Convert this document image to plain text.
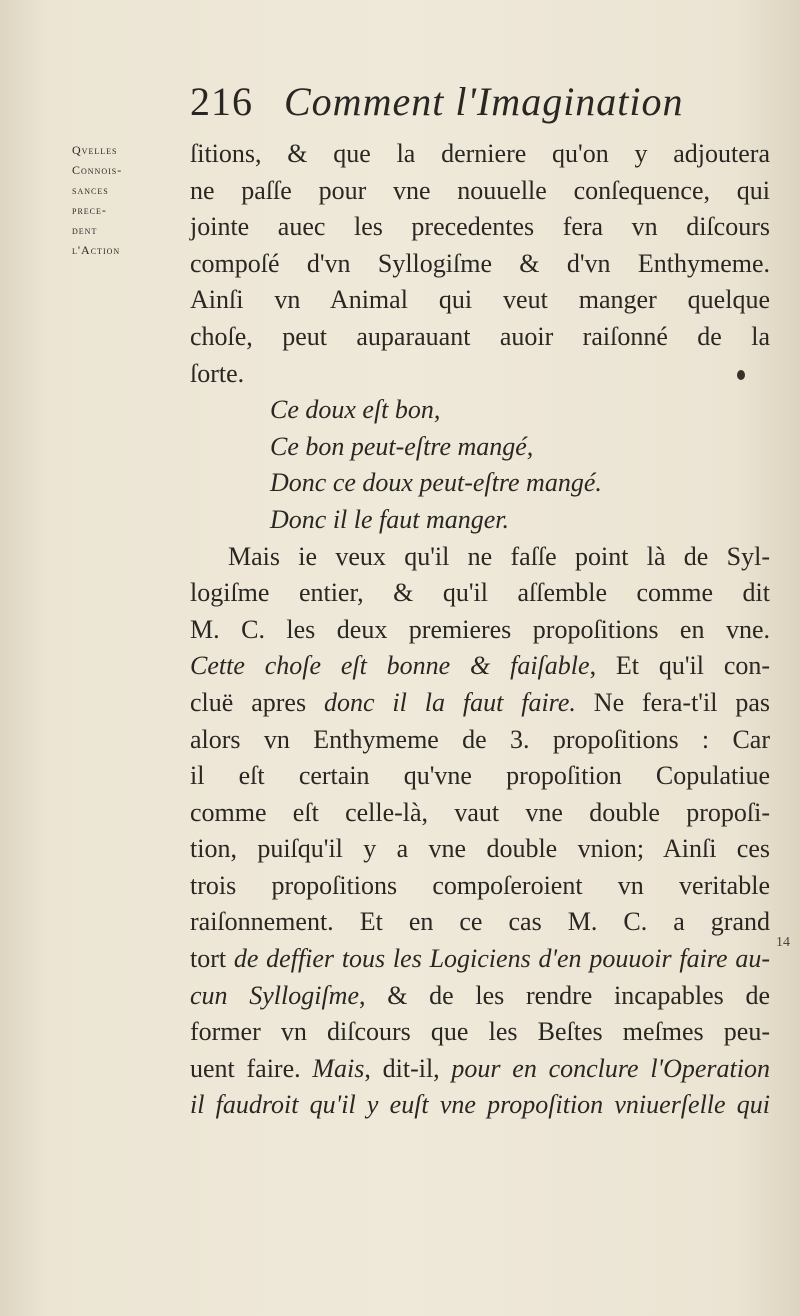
216 Comment l'Imagination
Qvelles
Connois-
sances
prece-
dent
l'Action
ſitions, & que la derniere qu'on y adjoutera
ne paſſe pour vne nouuelle conſequence, qui
jointe auec les precedentes fera vn diſcours
compoſé d'vn Syllogiſme & d'vn Enthymeme.
Ainſi vn Animal qui veut manger quelque
choſe, peut auparauant auoir raiſonné de la
ſorte.
Ce doux eſt bon,
Ce bon peut-eſtre mangé,
Donc ce doux peut-eſtre mangé.
Donc il le faut manger.
Mais ie veux qu'il ne faſſe point là de Syl-
logiſme entier, & qu'il aſſemble comme dit
M. C. les deux premieres propoſitions en vne.
Cette choſe eſt bonne & faiſable, Et qu'il con-
cluë apres donc il la faut faire. Ne fera-t'il pas
alors vn Enthymeme de 3. propoſitions : Car
il eſt certain qu'vne propoſition Copulatiue
comme eſt celle-là, vaut vne double propoſi-
tion, puiſqu'il y a vne double vnion; Ainſi ces
trois propoſitions compoſeroient vn veritable
raiſonnement. Et en ce cas M. C. a grand
tort de deffier tous les Logiciens d'en pouuoir faire au-
cun Syllogiſme, & de les rendre incapables de
former vn diſcours que les Beſtes meſmes peu-
uent faire. Mais, dit-il, pour en conclure l'Operation
il faudroit qu'il y euſt vne propoſition vniuerſelle qui
14
